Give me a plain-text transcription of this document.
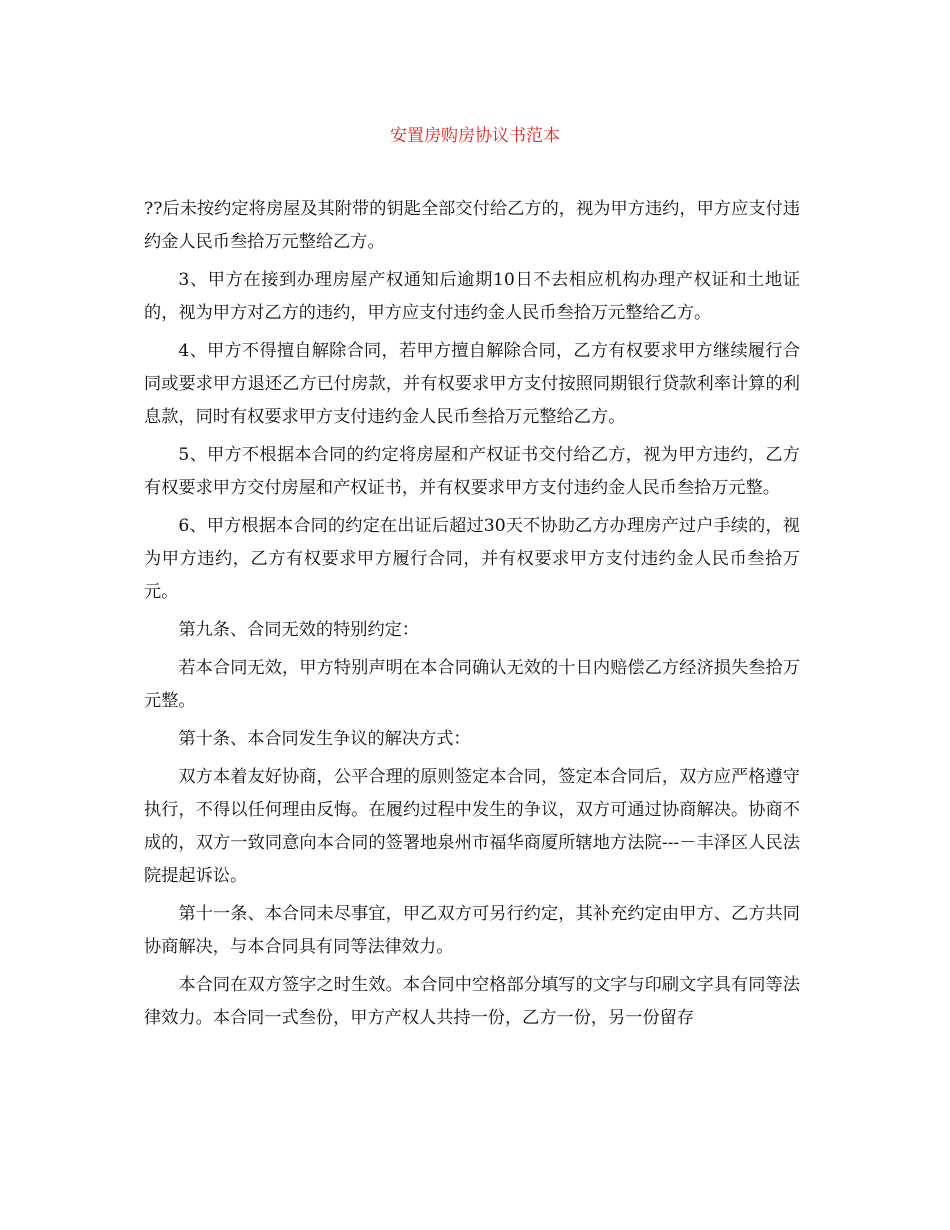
安置房购房协议书范本

??后未按约定将房屋及其附带的钥匙全部交付给乙方的，视为甲方违约，甲方应支付违约金人民币叁拾万元整给乙方。

3、甲方在接到办理房屋产权通知后逾期10日不去相应机构办理产权证和土地证的，视为甲方对乙方的违约，甲方应支付违约金人民币叁拾万元整给乙方。

4、甲方不得擅自解除合同，若甲方擅自解除合同，乙方有权要求甲方继续履行合同或要求甲方退还乙方已付房款，并有权要求甲方支付按照同期银行贷款利率计算的利息款，同时有权要求甲方支付违约金人民币叁拾万元整给乙方。

5、甲方不根据本合同的约定将房屋和产权证书交付给乙方，视为甲方违约，乙方有权要求甲方交付房屋和产权证书，并有权要求甲方支付违约金人民币叁拾万元整。

6、甲方根据本合同的约定在出证后超过30天不协助乙方办理房产过户手续的，视为甲方违约，乙方有权要求甲方履行合同，并有权要求甲方支付违约金人民币叁拾万元。

第九条、合同无效的特别约定：

若本合同无效，甲方特别声明在本合同确认无效的十日内赔偿乙方经济损失叁拾万元整。

第十条、本合同发生争议的解决方式：

双方本着友好协商，公平合理的原则签定本合同，签定本合同后，双方应严格遵守执行，不得以任何理由反悔。在履约过程中发生的争议，双方可通过协商解决。协商不成的，双方一致同意向本合同的签署地泉州市福华商厦所辖地方法院---－丰泽区人民法院提起诉讼。

第十一条、本合同未尽事宜，甲乙双方可另行约定，其补充约定由甲方、乙方共同协商解决，与本合同具有同等法律效力。

本合同在双方签字之时生效。本合同中空格部分填写的文字与印刷文字具有同等法律效力。本合同一式叁份，甲方产权人共持一份，乙方一份，另一份留存
